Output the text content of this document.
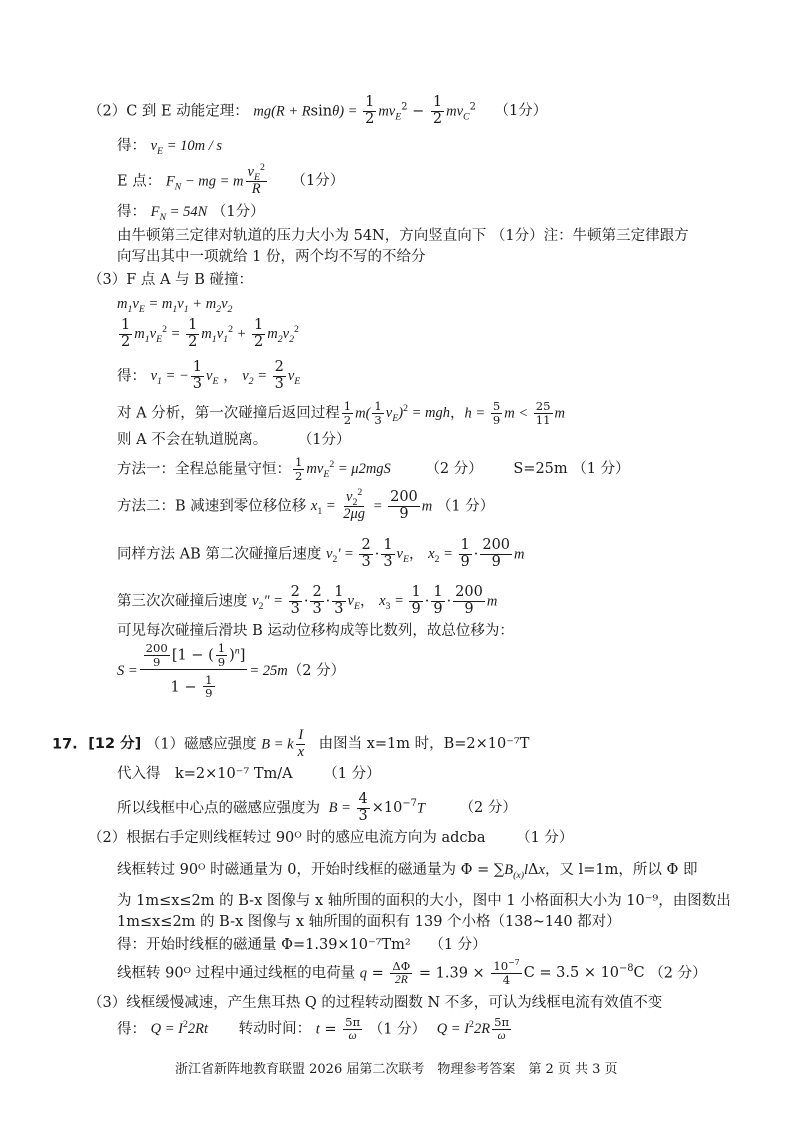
（2）C 到 E 动能定理： $mg(R + Rsin\theta) = \frac{1}{2} mv_E^2 - \frac{1}{2} mv_C^2$ （1分）
得： $v_E = 10m / s$
E 点： $F_N$ − mg = m $\frac{v_E^2}{R} (1$分）
得： $F_N = 54N$ （1分）
由牛顿第三定律对轨道的压力大小为 54N，方向竖直向下 （1分）注：牛顿第三定律跟方
向写出其中一项就给 1 份，两个均不写的不给分
（3）F 点 A 与 B 碰撞：
$m_1v_E = m_1v_1 + m_2v_2$
$\frac{1}{2} m_1v_E^2 = \frac{1}{2} m_1v_1^2 + \frac{1}{2} m_2v_2^2$
得： $v_1$ = − $\frac{1}{3} v_E$ ， $v_2 = \frac{2}{3} v_E$
对 A 分析，第一次碰撞后返回过程 $\frac{1}{2} m( \frac{1}{3} v_E)^2$ = mgh，$h = \frac{5}{9}$ $m < \frac{25}{11}$ m
则 A 不会在轨道脱离。 （1分）
方法一：全程总能量守恒： $\frac{1}{2} mv_E^2 = \mu 2mgS$ （2 分） S=25m （1 分）
方法二：B 减速到零位移位移 $x_1 = \frac{v_2^2}{2\mu g} = \frac{200}{9}$ m （1 分）
同样方法 AB 第二次碰撞后速度 $v_2' = \frac{2}{3} \cdot \frac{1}{3} v_E$， $x_2 = \frac{1}{9} \cdot \frac{200}{9}$ m
第三次次碰撞后速度 $v_2$" = $\frac{2}{3} \cdot \frac{2}{3} \cdot \frac{1}{3} v_E$， $x_3 = \frac{1}{9} \cdot \frac{1}{9} \cdot \frac{200}{9}$ m
可见每次碰撞后滑块 B 运动位移构成等比数列，故总位移为：
$S = \frac{\frac{200}{9} [1 - ( \frac{1}{9} )^n]}{1 - \frac{1}{9}} = 25m$ （2 分）
17. [12 分] （1）磁感应强度 B = k $\frac{I}{x}$ 由图当 x=1m 时，B=2×10⁻⁷T
代入得　k=2×10⁻⁷ Tm/A （1 分）
所以线框中心点的磁感应强度为 $B = \frac{4}{3} \times 10^{-7}T$ （2 分）
（2）根据右手定则线框转过 90ᴼ 时的感应电流方向为 adcba （1 分）
线框转过 90ᴼ 时磁通量为 0，开始时线框的磁通量为 $\Phi = \sum B_{(x)}l\Delta x$，又 l=1m，所以 Φ 即
为 1m≤x≤2m 的 B-x 图像与 x 轴所围的面积的大小，图中 1 小格面积大小为 10⁻⁹，由图数出
1m≤x≤2m 的 B-x 图像与 x 轴所围的面积有 139 个小格（138~140 都对）
得：开始时线框的磁通量 Φ=1.39×10⁻⁷Tm² （1 分）
线框转 90ᴼ 过程中通过线框的电荷量 $q = \frac{\Delta\Phi}{2R} = 1.39 \times \frac{10^{-7}}{4}$ $C = 3.5 \times 10^{-8}C$ （2 分）
（3）线框缓慢减速，产生焦耳热 Q 的过程转动圈数 N 不多，可认为线框电流有效值不变
得： $Q = I^22Rt$ 转动时间： $t = \frac{5\pi}{\omega} (1$ 分） $Q = I^22R \frac{5\pi}{\omega}$
浙江省新阵地教育联盟 2026 届第二次联考　物理参考答案　第 2 页 共 3 页
